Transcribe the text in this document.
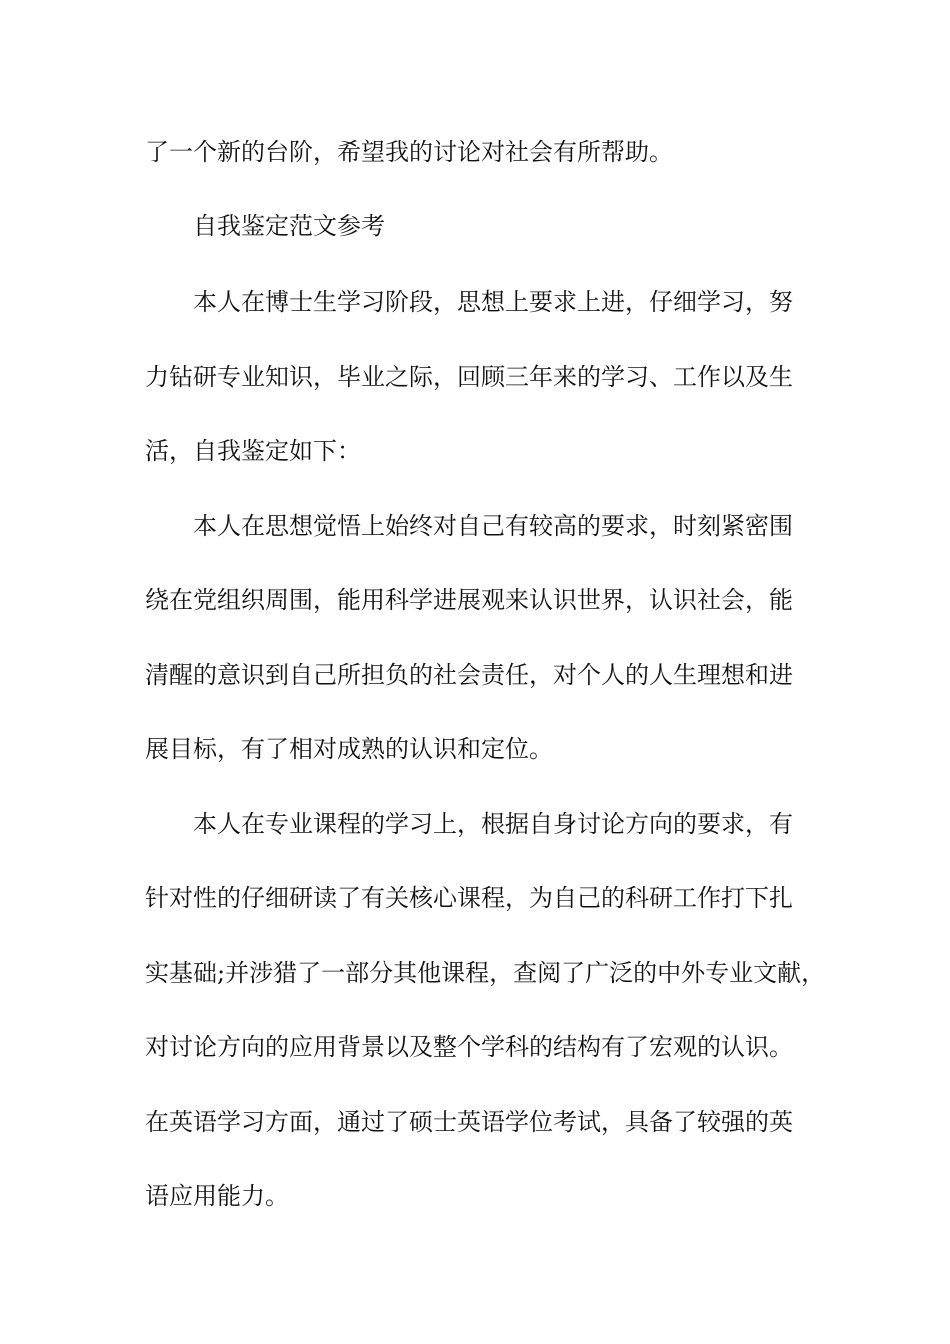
了一个新的台阶，希望我的讨论对社会有所帮助。

自我鉴定范文参考

本人在博士生学习阶段，思想上要求上进，仔细学习，努

力钻研专业知识，毕业之际，回顾三年来的学习、工作以及生

活，自我鉴定如下：

本人在思想觉悟上始终对自己有较高的要求，时刻紧密围

绕在党组织周围，能用科学进展观来认识世界，认识社会，能

清醒的意识到自己所担负的社会责任，对个人的人生理想和进

展目标，有了相对成熟的认识和定位。

本人在专业课程的学习上，根据自身讨论方向的要求，有

针对性的仔细研读了有关核心课程，为自己的科研工作打下扎

实基础;并涉猎了一部分其他课程，查阅了广泛的中外专业文献，

对讨论方向的应用背景以及整个学科的结构有了宏观的认识。

在英语学习方面，通过了硕士英语学位考试，具备了较强的英

语应用能力。
